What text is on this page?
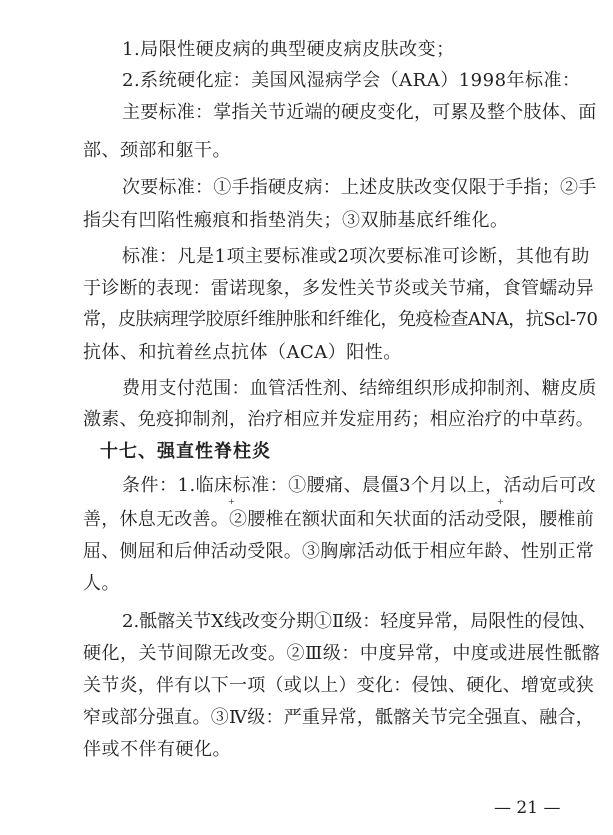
1.局限性硬皮病的典型硬皮病皮肤改变；
2.系统硬化症：美国风湿病学会（ARA）1998年标准：
主要标准：掌指关节近端的硬皮变化，可累及整个肢体、面
部、颈部和躯干。
次要标准：①手指硬皮病：上述皮肤改变仅限于手指；②手
指尖有凹陷性瘢痕和指垫消失；③双肺基底纤维化。
标准：凡是1项主要标准或2项次要标准可诊断，其他有助
于诊断的表现：雷诺现象，多发性关节炎或关节痛，食管蠕动异
常，皮肤病理学胶原纤维肿胀和纤维化，免疫检查ANA，抗Scl-70
抗体、和抗着丝点抗体（ACA）阳性。
费用支付范围：血管活性剂、结缔组织形成抑制剂、糖皮质
激素、免疫抑制剂，治疗相应并发症用药；相应治疗的中草药。
十七、强直性脊柱炎
条件：1.临床标准：①腰痛、晨僵3个月以上，活动后可改
+	+
善，休息无改善。②腰椎在额状面和矢状面的活动受限，腰椎前
屈、侧屈和后伸活动受限。③胸廓活动低于相应年龄、性别正常
人。
2.骶髂关节X线改变分期①Ⅱ级：轻度异常，局限性的侵蚀、
硬化，关节间隙无改变。②Ⅲ级：中度异常，中度或进展性骶髂
关节炎，伴有以下一项（或以上）变化：侵蚀、硬化、增宽或狭
窄或部分强直。③Ⅳ级：严重异常，骶髂关节完全强直、融合，
伴或不伴有硬化。
— 21 —
